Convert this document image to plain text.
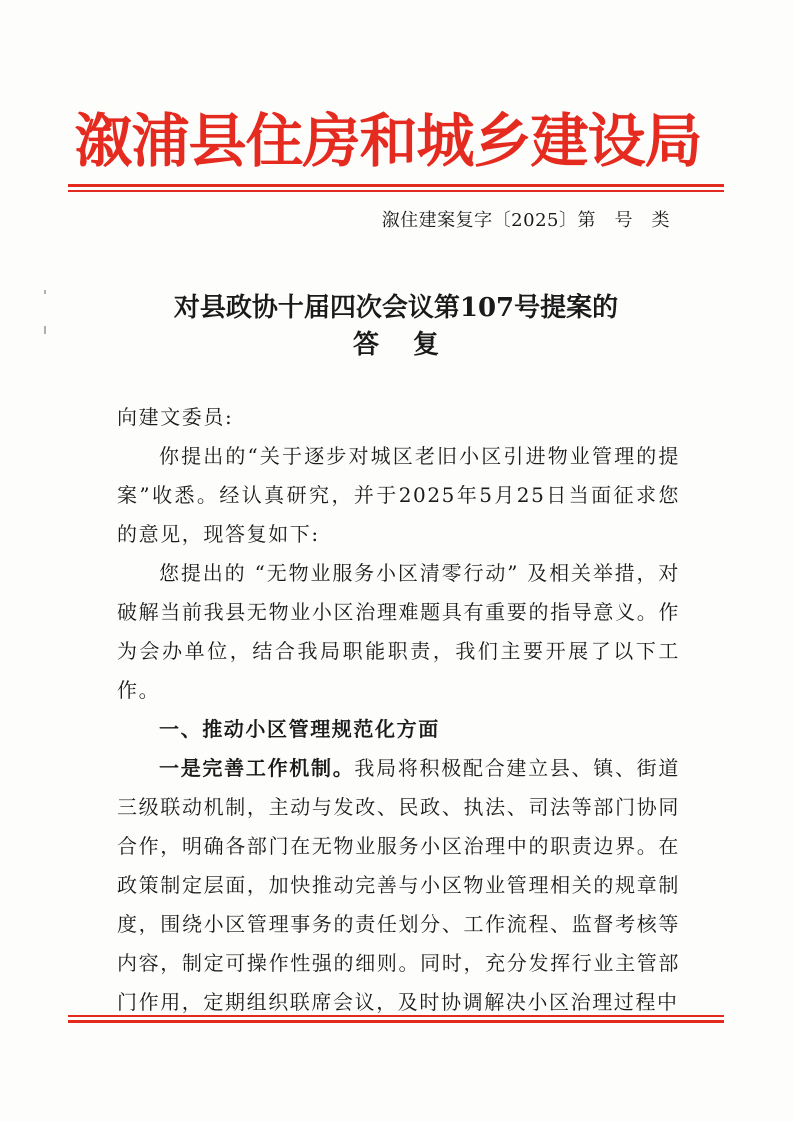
溆浦县住房和城乡建设局
溆住建案复字〔2025〕第　号　类
对县政协十届四次会议第107号提案的
答复

向建文委员:

你提出的“关于逐步对城区老旧小区引进物业管理的提案”收悉。经认真研究，并于2025年5月25日当面征求您的意见，现答复如下:

您提出的 “无物业服务小区清零行动” 及相关举措，对破解当前我县无物业小区治理难题具有重要的指导意义。作为会办单位，结合我局职能职责，我们主要开展了以下工作。

一、推动小区管理规范化方面

一是完善工作机制。我局将积极配合建立县、镇、街道三级联动机制，主动与发改、民政、执法、司法等部门协同合作，明确各部门在无物业服务小区治理中的职责边界。在政策制定层面，加快推动完善与小区物业管理相关的规章制度，围绕小区管理事务的责任划分、工作流程、监督考核等内容，制定可操作性强的细则。同时，充分发挥行业主管部门作用，定期组织联席会议，及时协调解决小区治理过程中
